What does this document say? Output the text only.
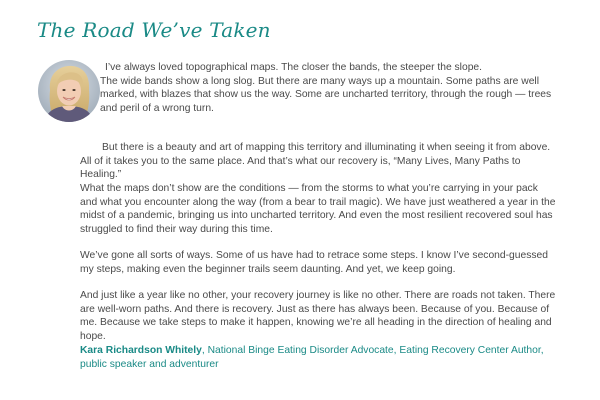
The Road We’ve Taken

I’ve always loved topographical maps. The closer the bands, the steeper the slope.
The wide bands show a long slog. But there are many ways up a mountain. Some paths are well marked, with blazes that show us the way. Some are uncharted territory, through the rough — trees and peril of a wrong turn.

But there is a beauty and art of mapping this territory and illuminating it when seeing it from above. All of it takes you to the same place. And that’s what our recovery is, “Many Lives, Many Paths to Healing.”

What the maps don’t show are the conditions — from the storms to what you’re carrying in your pack and what you encounter along the way (from a bear to trail magic). We have just weathered a year in the midst of a pandemic, bringing us into uncharted territory. And even the most resilient recovered soul has struggled to find their way during this time.

We’ve gone all sorts of ways. Some of us have had to retrace some steps. I know I’ve second-guessed my steps, making even the beginner trails seem daunting. And yet, we keep going.

And just like a year like no other, your recovery journey is like no other. There are roads not taken. There are well-worn paths. And there is recovery. Just as there has always been. Because of you. Because of me. Because we take steps to make it happen, knowing we’re all heading in the direction of healing and hope.

Kara Richardson Whitely, National Binge Eating Disorder Advocate, Eating Recovery Center Author, public speaker and adventurer
